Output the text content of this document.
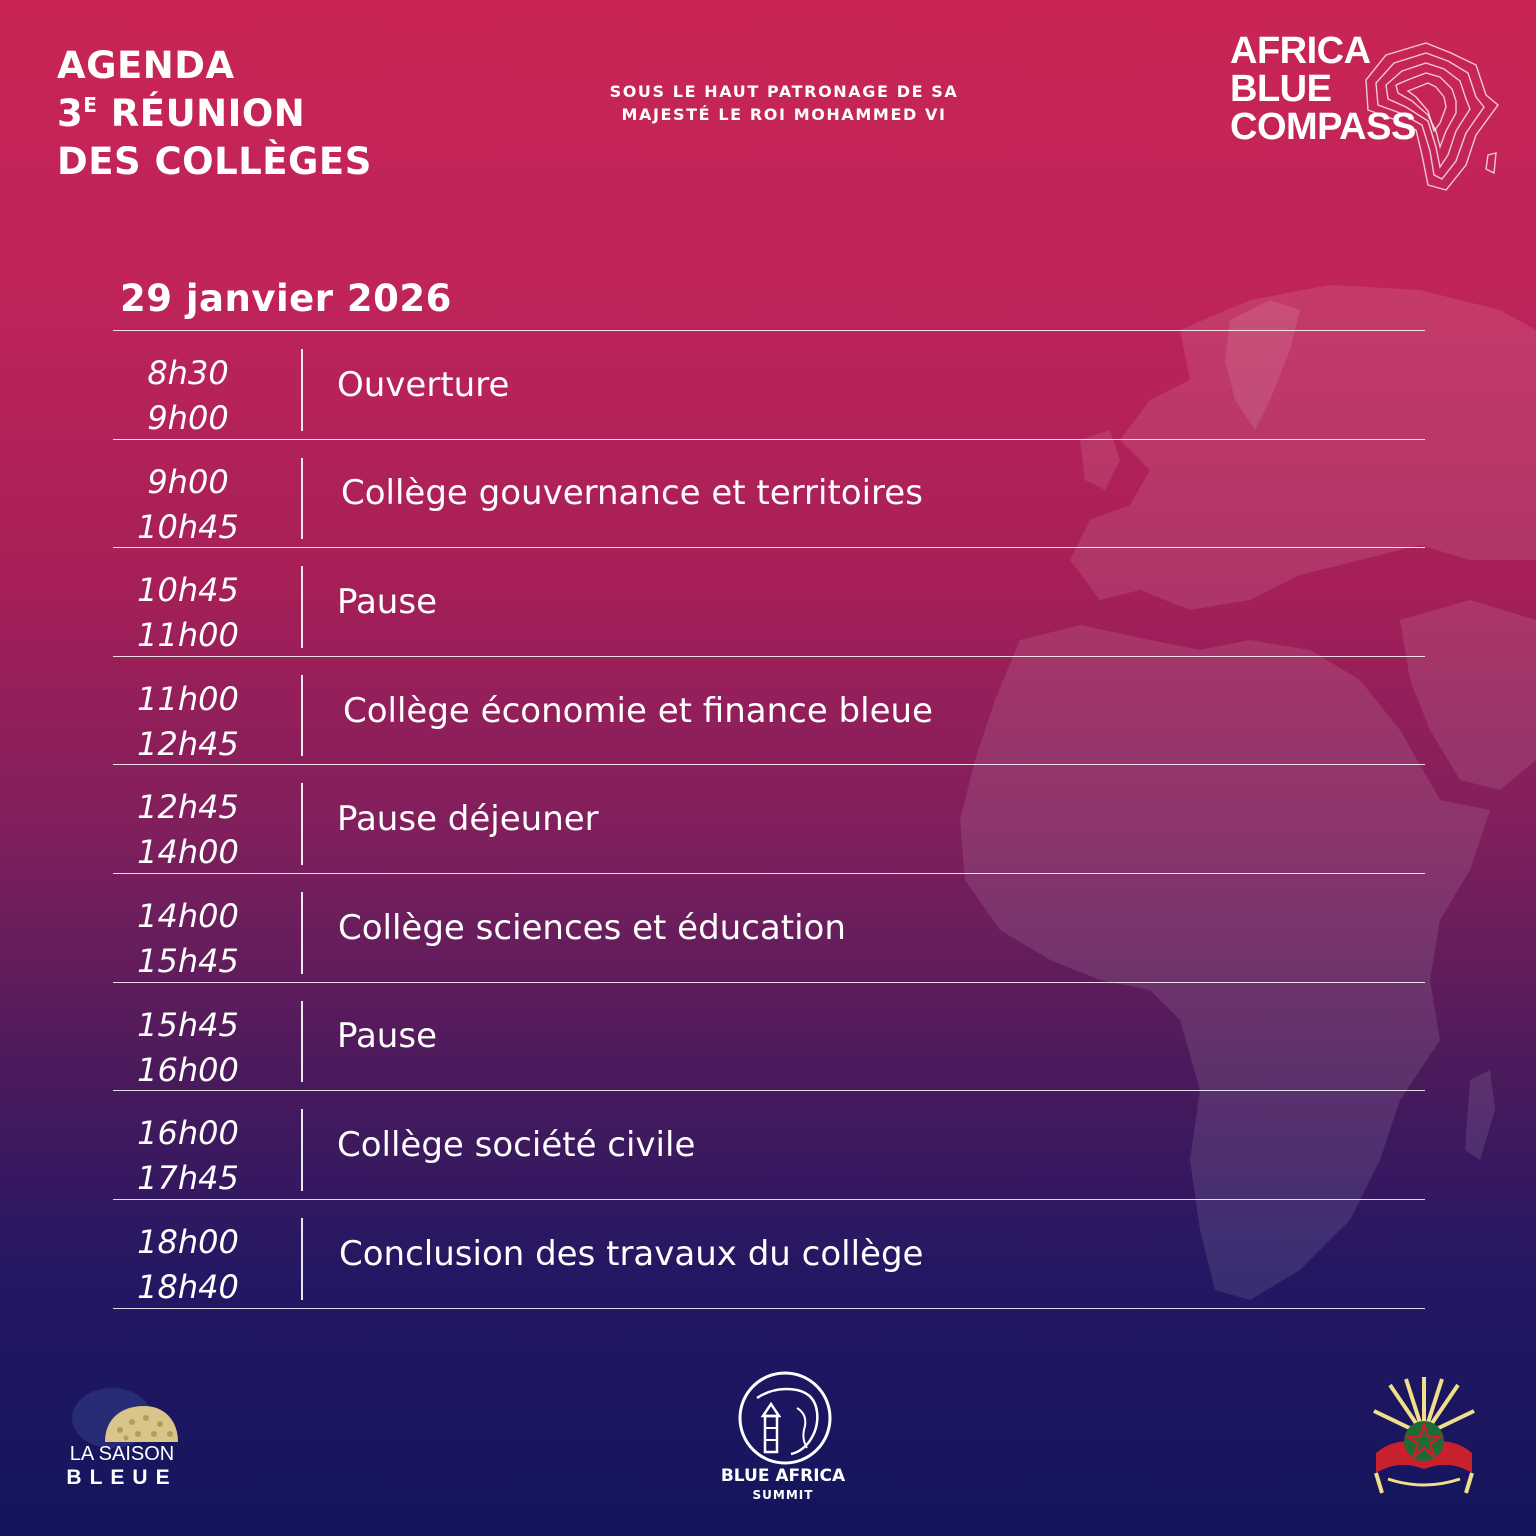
AGENDA
$3^E$ RÉUNION
DES COLLÈGES
SOUS LE HAUT PATRONAGE DE SA
MAJESTÉ LE ROI MOHAMMED VI
AFRICA
BLUE
COMPASS
29 janvier 2026
8h30
9h00
Ouverture
9h00
10h45
Collège gouvernance et territoires
10h45
11h00
Pause
11h00
12h45
Collège économie et finance bleue
12h45
14h00
Pause déjeuner
14h00
15h45
Collège sciences et éducation
15h45
16h00
Pause
16h00
17h45
Collège société civile
18h00
18h40
Conclusion des travaux du collège
LA SAISON
BLEUE	BLUE AFRICA
SUMMIT
